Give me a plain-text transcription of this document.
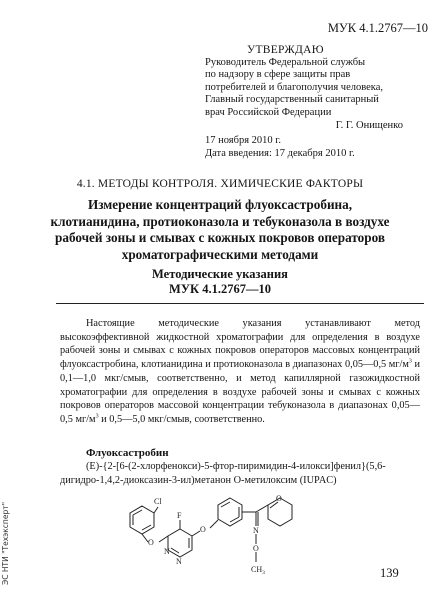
МУК 4.1.2767—10
УТВЕРЖДАЮ
Руководитель Федеральной службы
по надзору в сфере защиты прав
потребителей и благополучия человека,
Главный государственный санитарный
врач Российской Федерации
Г. Г. Онищенко
17 ноября 2010 г.
Дата введения: 17 декабря 2010 г.
4.1. МЕТОДЫ КОНТРОЛЯ. ХИМИЧЕСКИЕ ФАКТОРЫ
Измерение концентраций флуоксастробина,
клотианидина, протиоконазола и тебуконазола в воздухе
рабочей зоны и смывах с кожных покровов операторов
хроматографическими методами
Методические указания
МУК 4.1.2767—10
Настоящие методические указания устанавливают метод высокоэффективной жидкостной хроматографии для определения в воздухе рабочей зоны и смывах с кожных покровов операторов массовых концентраций флуоксастробина, клотианидина и протиоконазола в диапазонах 0,05—0,5 $мг/м^3$ и 0,1—1,0 мкг/смыв, соответственно, и метод капиллярной газожидкостной хроматографии для определения в воздухе рабочей зоны и смывах с кожных покровов операторов массовой концентрации тебуконазола в диапазонах 0,05—0,5 $мг/м^3$ и 0,5—5,0 мкг/смыв, соответственно.
Флуоксастробин
(E)-{2-[6-(2-хлорфенокси)-5-фтор-пиримидин-4-илокси]фенил}(5,6-дигидро-1,4,2-диоксазин-3-ил)метанон О-метилоксим (IUPAC)
Cl
O
F
O
N
N
N
O
O
$CH_3$	139
ЭС НТИ "Техэксперт"
